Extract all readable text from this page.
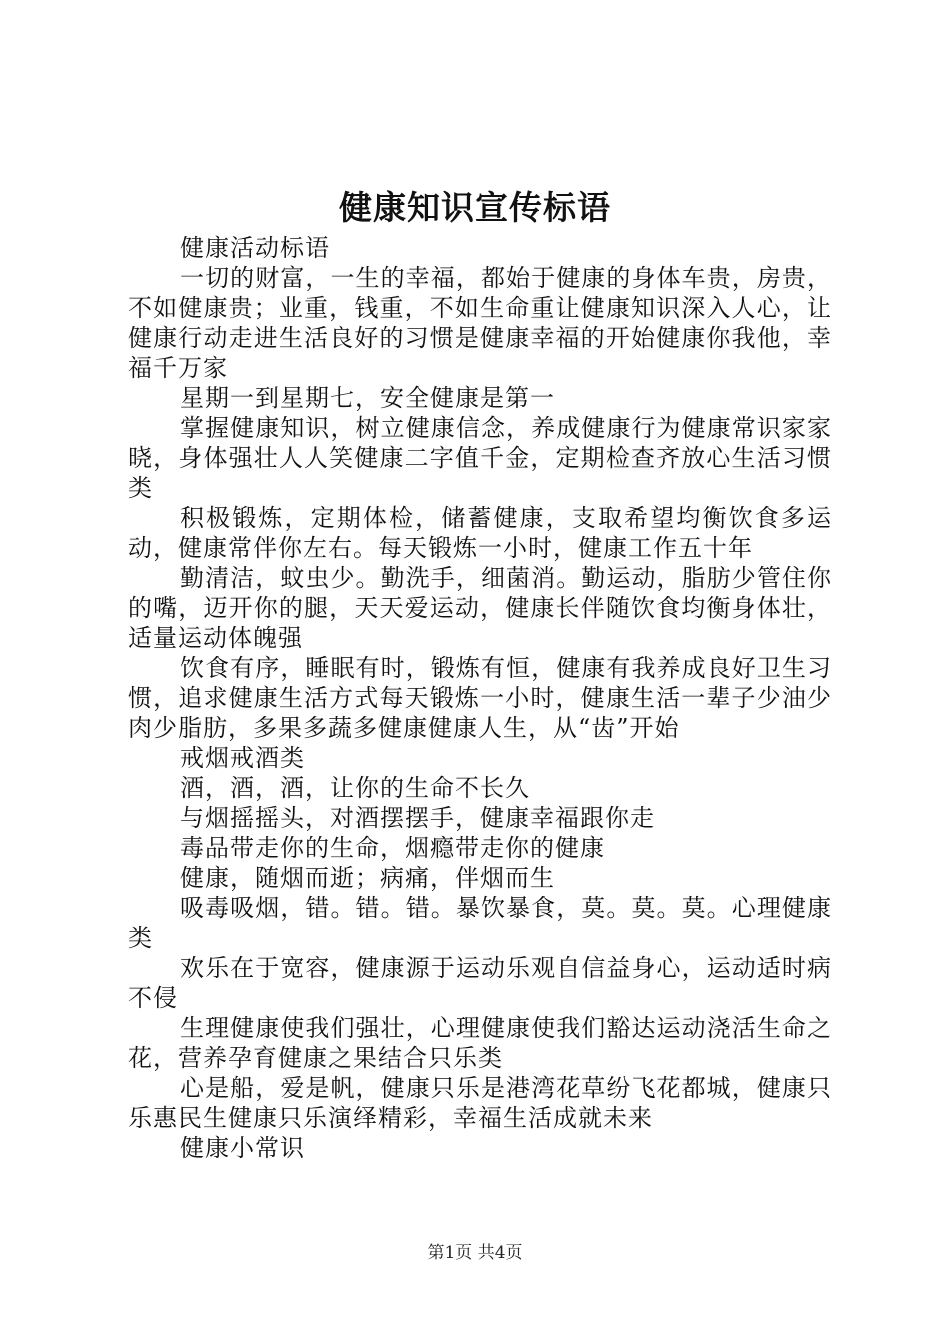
健康知识宣传标语

健康活动标语

一切的财富，一生的幸福，都始于健康的身体车贵，房贵，不如健康贵；业重，钱重，不如生命重让健康知识深入人心，让健康行动走进生活良好的习惯是健康幸福的开始健康你我他，幸福千万家

星期一到星期七，安全健康是第一

掌握健康知识，树立健康信念，养成健康行为健康常识家家晓，身体强壮人人笑健康二字值千金，定期检查齐放心生活习惯类

积极锻炼，定期体检，储蓄健康，支取希望均衡饮食多运动，健康常伴你左右。每天锻炼一小时，健康工作五十年

勤清洁，蚊虫少。勤洗手，细菌消。勤运动，脂肪少管住你的嘴，迈开你的腿，天天爱运动，健康长伴随饮食均衡身体壮，适量运动体魄强

饮食有序，睡眠有时，锻炼有恒，健康有我养成良好卫生习惯，追求健康生活方式每天锻炼一小时，健康生活一辈子少油少肉少脂肪，多果多蔬多健康健康人生，从“齿”开始

戒烟戒酒类

酒，酒，酒，让你的生命不长久

与烟摇摇头，对酒摆摆手，健康幸福跟你走

毒品带走你的生命，烟瘾带走你的健康

健康，随烟而逝；病痛，伴烟而生

吸毒吸烟，错。错。错。暴饮暴食，莫。莫。莫。心理健康类

欢乐在于宽容，健康源于运动乐观自信益身心，运动适时病不侵

生理健康使我们强壮，心理健康使我们豁达运动浇活生命之花，营养孕育健康之果结合只乐类

心是船，爱是帆，健康只乐是港湾花草纷飞花都城，健康只乐惠民生健康只乐演绎精彩，幸福生活成就未来

健康小常识

第1页 共4页
